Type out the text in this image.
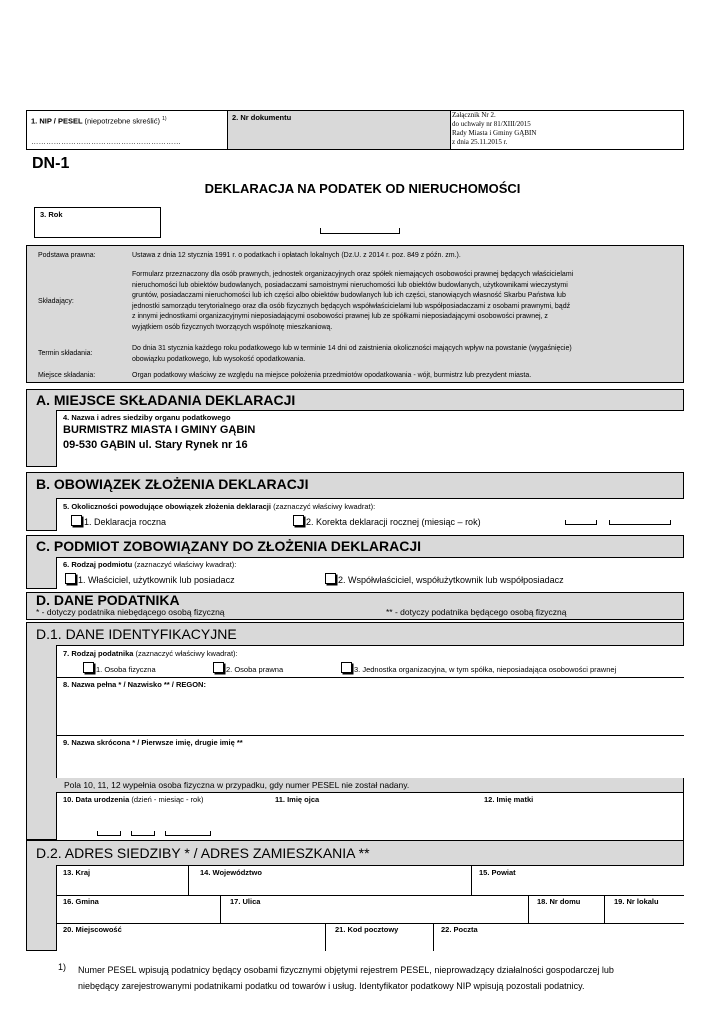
1. NIP / PESEL (niepotrzebne skreślić) $^{1)}$
……………………………………………………
2. Nr dokumentu	Załącznik Nr 2.
do uchwały nr 81/XIII/2015
Rady Miasta i Gminy GĄBIN
z dnia 25.11.2015 r.
DN-1
DEKLARACJA NA PODATEK OD NIERUCHOMOŚCI
3. Rok
Podstawa prawna:	Ustawa z dnia 12 stycznia 1991 r. o podatkach i opłatach lokalnych (Dz.U. z 2014 r. poz. 849 z późn. zm.).
Składający:
Formularz przeznaczony dla osób prawnych, jednostek organizacyjnych oraz spółek niemających osobowości prawnej będących właścicielami
nieruchomości lub obiektów budowlanych, posiadaczami samoistnymi nieruchomości lub obiektów budowlanych, użytkownikami wieczystymi
gruntów, posiadaczami nieruchomości lub ich części albo obiektów budowlanych lub ich części, stanowiących własność Skarbu Państwa lub
jednostki samorządu terytorialnego oraz dla osób fizycznych będących współwłaścicielami lub współposiadaczami z osobami prawnymi, bądź
z innymi jednostkami organizacyjnymi nieposiadającymi osobowości prawnej lub ze spółkami nieposiadającymi osobowości prawnej, z
wyjątkiem osób fizycznych tworzących wspólnotę mieszkaniową.
Termin składania:
Do dnia 31 stycznia każdego roku podatkowego lub w terminie 14 dni od zaistnienia okoliczności mających wpływ na powstanie (wygaśnięcie)
obowiązku podatkowego, lub wysokość opodatkowania.
Miejsce składania:	Organ podatkowy właściwy ze względu na miejsce położenia przedmiotów opodatkowania - wójt, burmistrz lub prezydent miasta.
A. MIEJSCE SKŁADANIA DEKLARACJI
4. Nazwa i adres siedziby organu podatkowego
BURMISTRZ MIASTA I GMINY GĄBIN
09-530 GĄBIN ul. Stary Rynek nr 16
B. OBOWIĄZEK ZŁOŻENIA DEKLARACJI
5. Okoliczności powodujące obowiązek złożenia deklaracji (zaznaczyć właściwy kwadrat):
1. Deklaracja roczna	2. Korekta deklaracji rocznej (miesiąc – rok)
C. PODMIOT ZOBOWIĄZANY DO ZŁOŻENIA DEKLARACJI
6. Rodzaj podmiotu (zaznaczyć właściwy kwadrat):
1. Właściciel, użytkownik lub posiadacz	2. Współwłaściciel, współużytkownik lub współposiadacz
D. DANE PODATNIKA
* - dotyczy podatnika niebędącego osobą fizyczną	** - dotyczy podatnika będącego osobą fizyczną
D.1. DANE IDENTYFIKACYJNE
7. Rodzaj podatnika (zaznaczyć właściwy kwadrat):
1. Osoba fizyczna	2. Osoba prawna	3. Jednostka organizacyjna, w tym spółka, nieposiadająca osobowości prawnej
8. Nazwa pełna * / Nazwisko ** / REGON:
9. Nazwa skrócona * / Pierwsze imię, drugie imię **
Pola 10, 11, 12 wypełnia osoba fizyczna w przypadku, gdy numer PESEL nie został nadany.
10. Data urodzenia (dzień - miesiąc - rok)	11. Imię ojca	12. Imię matki
D.2. ADRES SIEDZIBY * / ADRES ZAMIESZKANIA **
13. Kraj	14. Województwo	15. Powiat
16. Gmina	17. Ulica	18. Nr domu	19. Nr lokalu
20. Miejscowość	21. Kod pocztowy	22. Poczta
1) Numer PESEL wpisują podatnicy będący osobami fizycznymi objętymi rejestrem PESEL, nieprowadzący działalności gospodarczej lub
niebędący zarejestrowanymi podatnikami podatku od towarów i usług. Identyfikator podatkowy NIP wpisują pozostali podatnicy.
